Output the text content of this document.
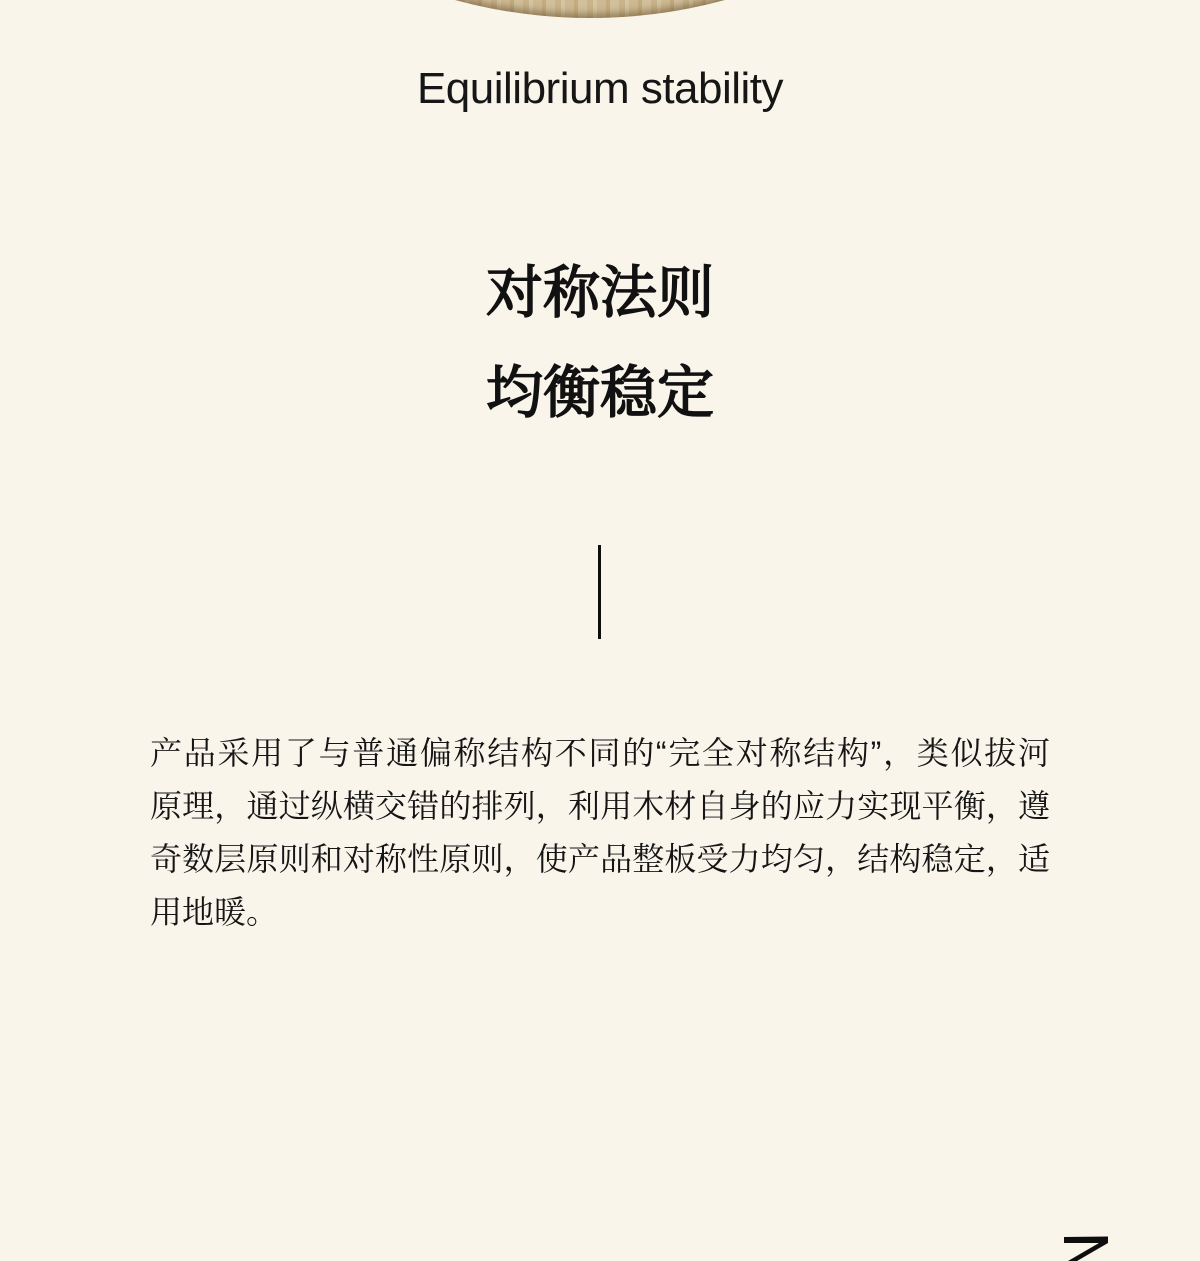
Equilibrium stability
对称法则
均衡稳定
产品采用了与普通偏称结构不同的“完全对称结构”，类似拔河
原理，通过纵横交错的排列，利用木材自身的应力实现平衡，遵
奇数层原则和对称性原则，使产品整板受力均匀，结构稳定，适
用地暖。
